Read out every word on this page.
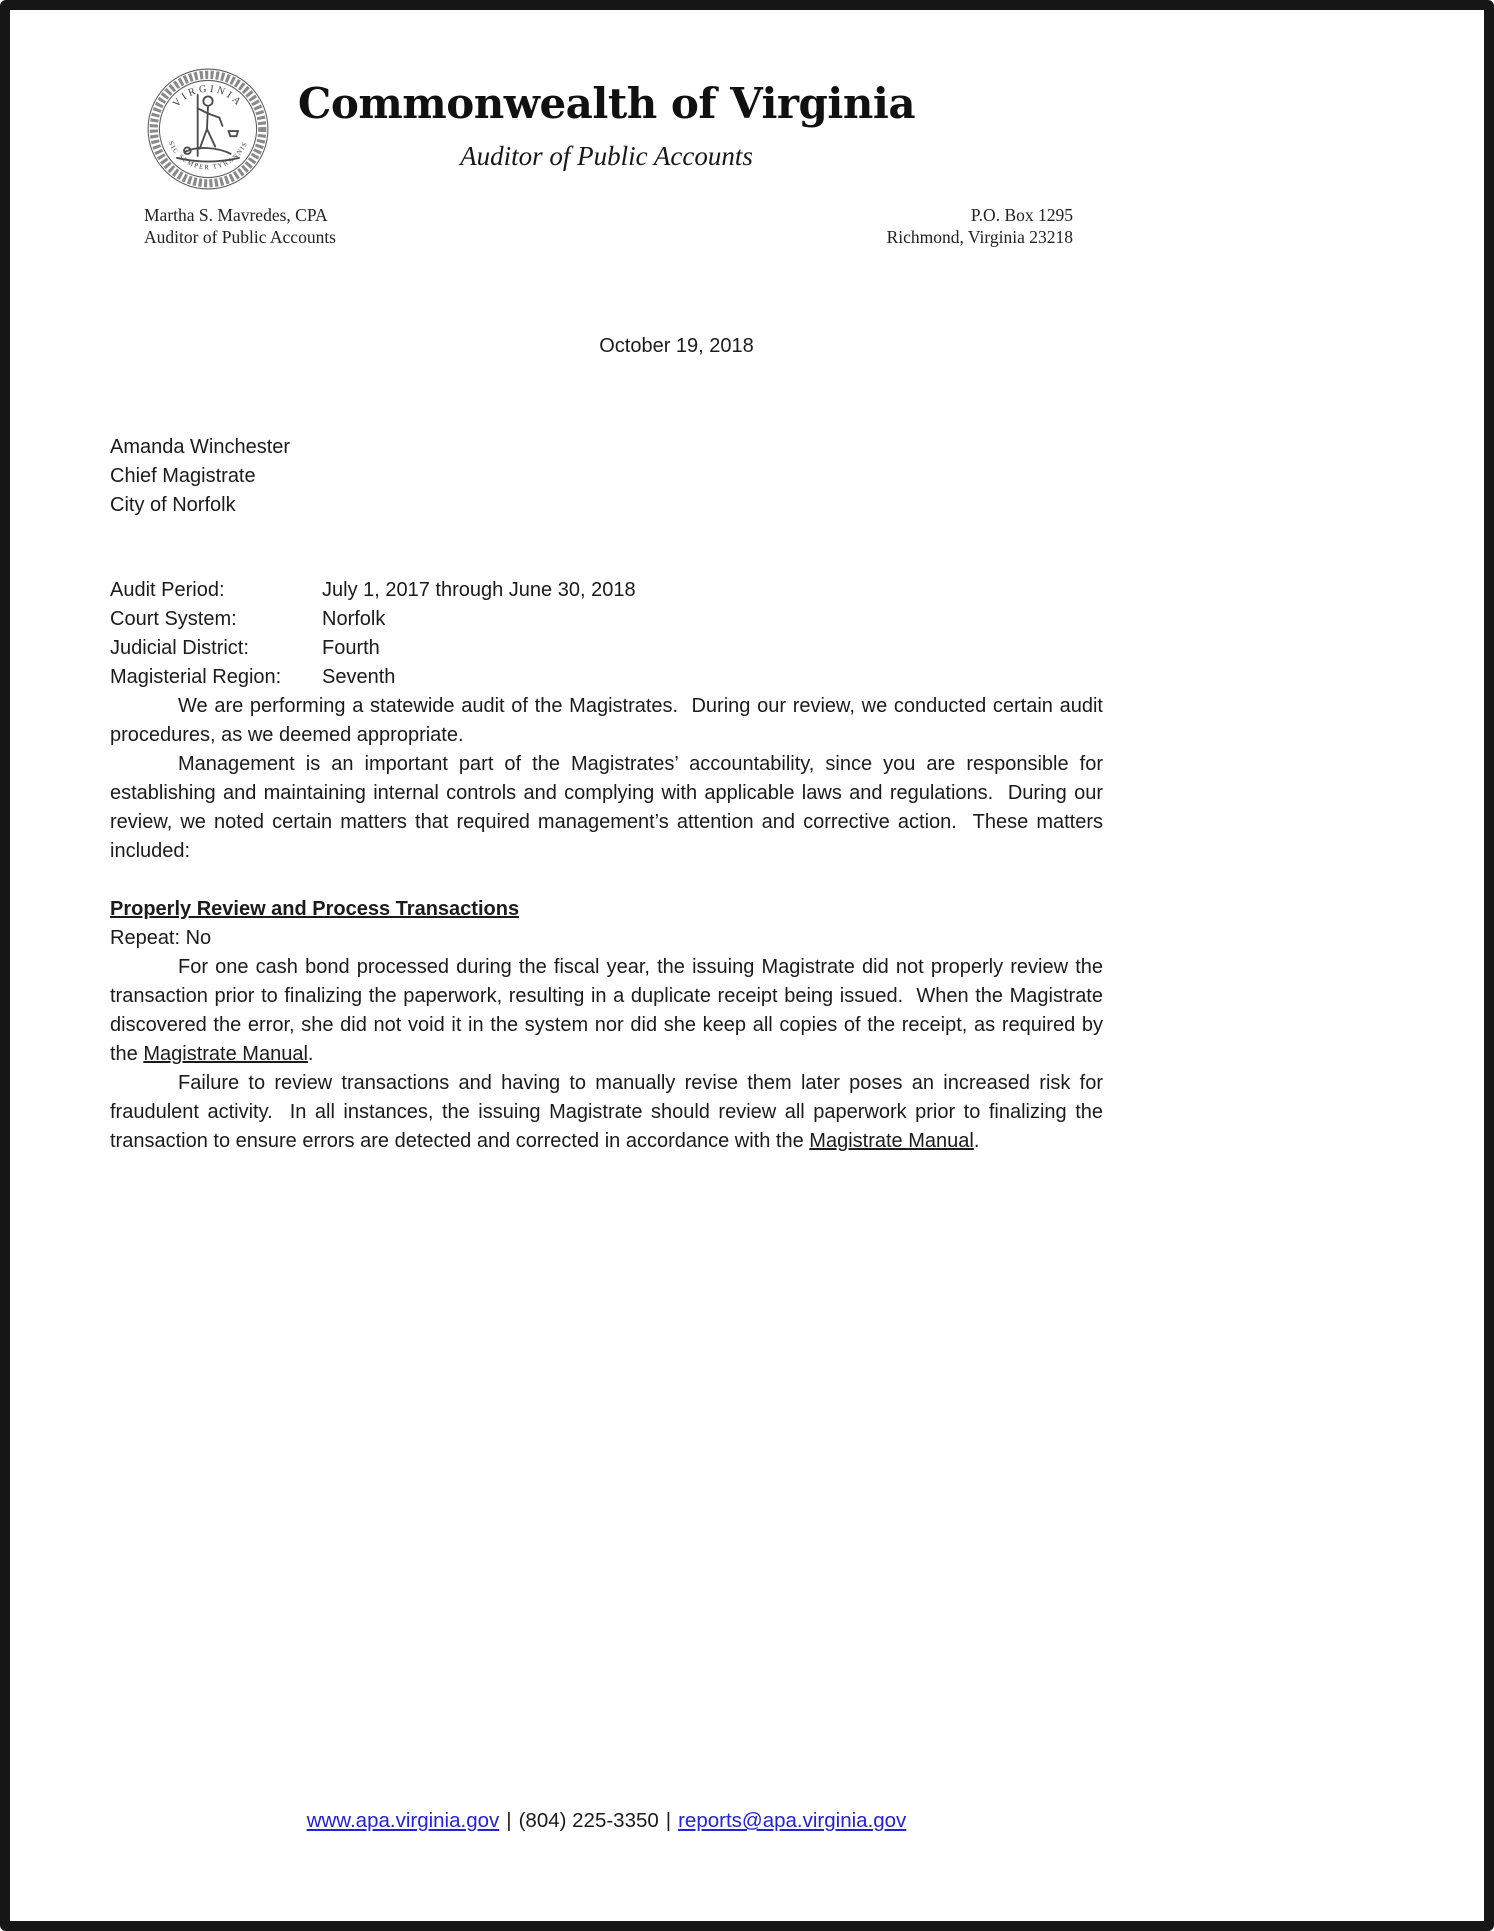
VIRGINIA
SIC SEMPER TYRANNIS
Commonwealth of Virginia
Auditor of Public Accounts
Martha S. Mavredes, CPA
Auditor of Public Accounts
P.O. Box 1295
Richmond, Virginia 23218
October 19, 2018
Amanda Winchester
Chief Magistrate
City of Norfolk
Audit Period:	July 1, 2017 through June 30, 2018
Court System:	Norfolk
Judicial District:	Fourth
Magisterial Region:	Seventh

We are performing a statewide audit of the Magistrates.  During our review, we conducted certain audit procedures, as we deemed appropriate.

Management is an important part of the Magistrates’ accountability, since you are responsible for establishing and maintaining internal controls and complying with applicable laws and regulations.  During our review, we noted certain matters that required management’s attention and corrective action.  These matters included:

Properly Review and Process Transactions
Repeat: No

For one cash bond processed during the fiscal year, the issuing Magistrate did not properly review the transaction prior to finalizing the paperwork, resulting in a duplicate receipt being issued.  When the Magistrate discovered the error, she did not void it in the system nor did she keep all copies of the receipt, as required by the Magistrate Manual.

Failure to review transactions and having to manually revise them later poses an increased risk for fraudulent activity.  In all instances, the issuing Magistrate should review all paperwork prior to finalizing the transaction to ensure errors are detected and corrected in accordance with the Magistrate Manual.

www.apa.virginia.gov | (804) 225-3350 | reports@apa.virginia.gov
